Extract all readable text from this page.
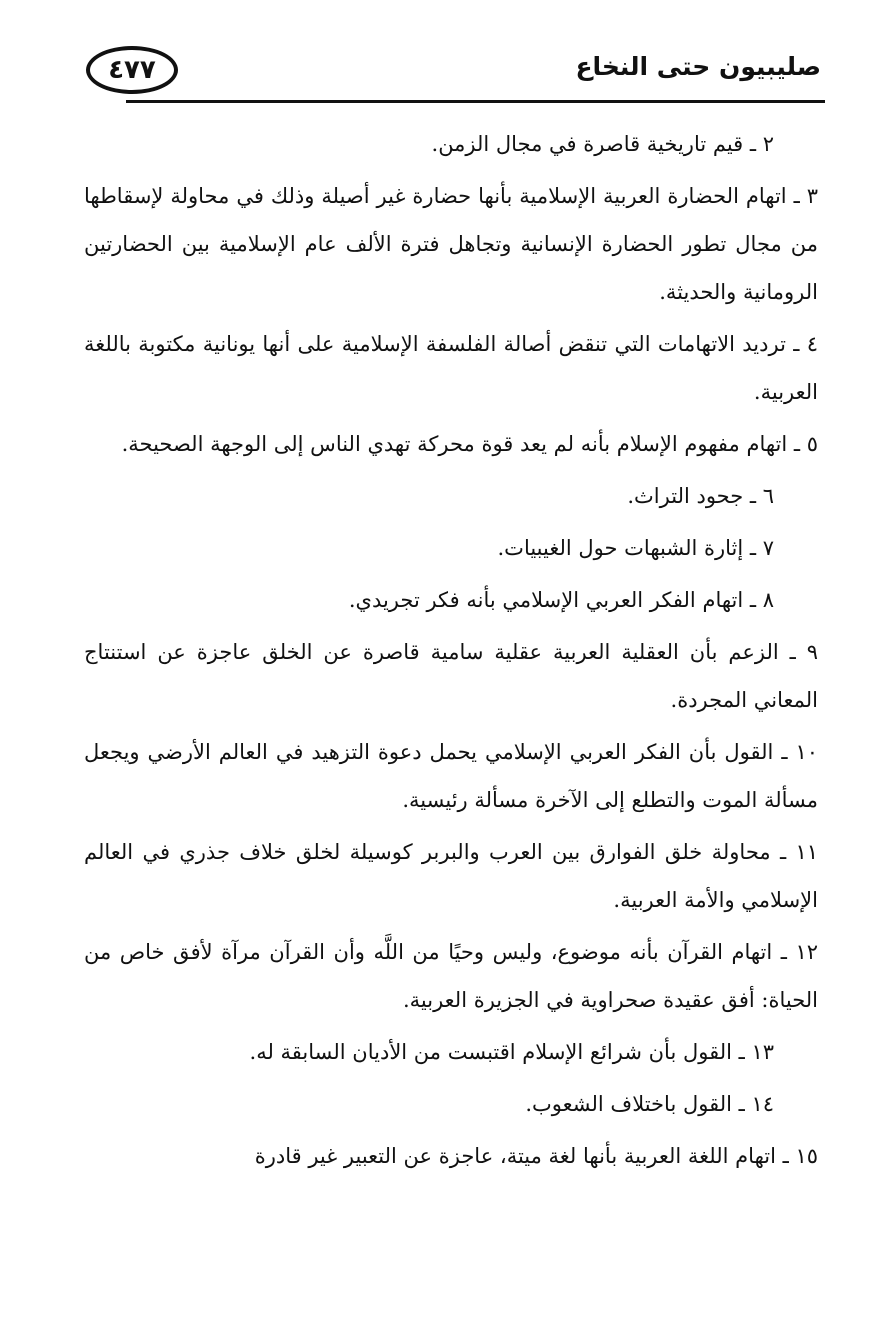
صليبيون حتى النخاع
٤٧٧

٢ ـ قيم تاريخية قاصرة في مجال الزمن.

٣ ـ اتهام الحضارة العربية الإسلامية بأنها حضارة غير أصيلة وذلك في محاولة لإسقاطها من مجال تطور الحضارة الإنسانية وتجاهل فترة الألف عام الإسلامية بين الحضارتين الرومانية والحديثة.

٤ ـ ترديد الاتهامات التي تنقض أصالة الفلسفة الإسلامية على أنها يونانية مكتوبة باللغة العربية.

٥ ـ اتهام مفهوم الإسلام بأنه لم يعد قوة محركة تهدي الناس إلى الوجهة الصحيحة.

٦ ـ جحود التراث.

٧ ـ إثارة الشبهات حول الغيبيات.

٨ ـ اتهام الفكر العربي الإسلامي بأنه فكر تجريدي.

٩ ـ الزعم بأن العقلية العربية عقلية سامية قاصرة عن الخلق عاجزة عن استنتاج المعاني المجردة.

١٠ ـ القول بأن الفكر العربي الإسلامي يحمل دعوة التزهيد في العالم الأرضي ويجعل مسألة الموت والتطلع إلى الآخرة مسألة رئيسية.

١١ ـ محاولة خلق الفوارق بين العرب والبربر كوسيلة لخلق خلاف جذري في العالم الإسلامي والأمة العربية.

١٢ ـ اتهام القرآن بأنه موضوع، وليس وحيًا من اللَّه وأن القرآن مرآة لأفق خاص من الحياة: أفق عقيدة صحراوية في الجزيرة العربية.

١٣ ـ القول بأن شرائع الإسلام اقتبست من الأديان السابقة له.

١٤ ـ القول باختلاف الشعوب.

١٥ ـ اتهام اللغة العربية بأنها لغة ميتة، عاجزة عن التعبير غير قادرة
